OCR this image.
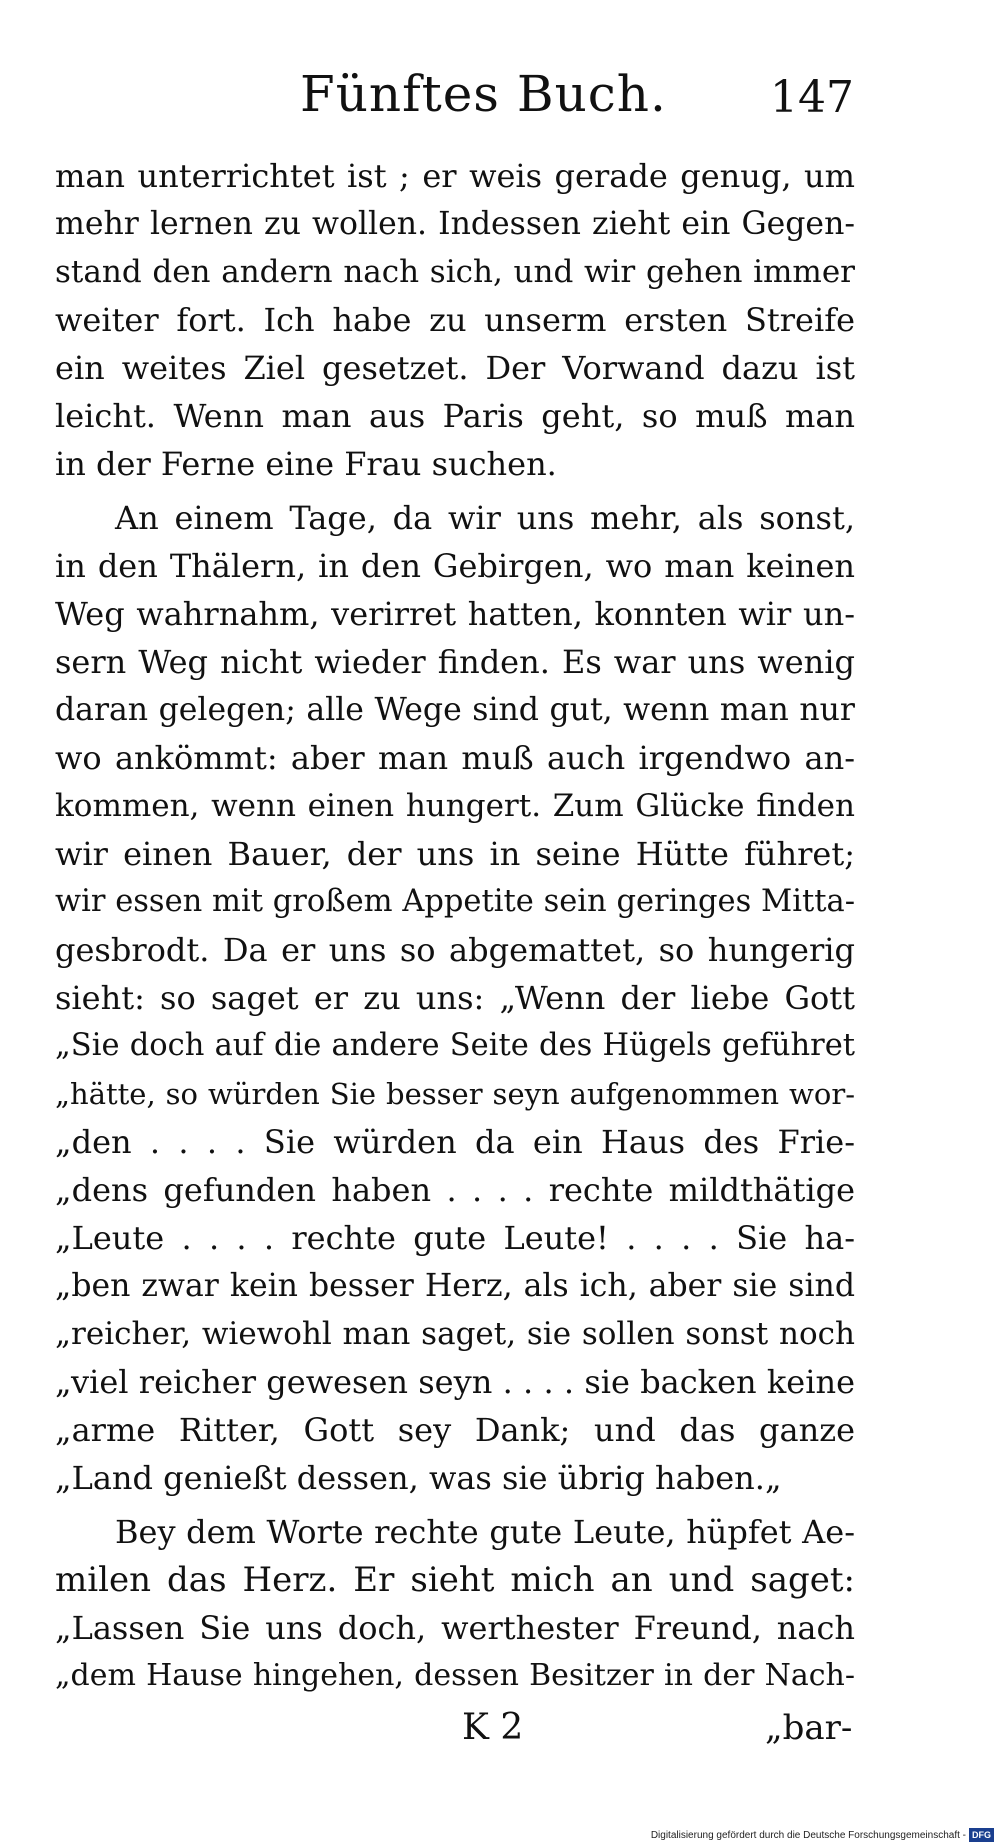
Fünftes Buch. 147
man unterrichtet ist ; er weis gerade genug, um
mehr lernen zu wollen. Indessen zieht ein Gegen-
stand den andern nach sich, und wir gehen immer
weiter fort. Ich habe zu unserm ersten Streife
ein weites Ziel gesetzet. Der Vorwand dazu ist
leicht. Wenn man aus Paris geht, so muß man
in der Ferne eine Frau suchen.
An einem Tage, da wir uns mehr, als sonst,
in den Thälern, in den Gebirgen, wo man keinen
Weg wahrnahm, verirret hatten, konnten wir un-
sern Weg nicht wieder finden. Es war uns wenig
daran gelegen; alle Wege sind gut, wenn man nur
wo ankömmt: aber man muß auch irgendwo an-
kommen, wenn einen hungert. Zum Glücke finden
wir einen Bauer, der uns in seine Hütte führet;
wir essen mit großem Appetite sein geringes Mitta-
gesbrodt. Da er uns so abgemattet, so hungerig
sieht: so saget er zu uns: „Wenn der liebe Gott
„Sie doch auf die andere Seite des Hügels geführet
„hätte, so würden Sie besser seyn aufgenommen wor-
„den . . . . Sie würden da ein Haus des Frie-
„dens gefunden haben . . . . rechte mildthätige
„Leute . . . . rechte gute Leute! . . . . Sie ha-
„ben zwar kein besser Herz, als ich, aber sie sind
„reicher, wiewohl man saget, sie sollen sonst noch
„viel reicher gewesen seyn . . . . sie backen keine
„arme Ritter, Gott sey Dank; und das ganze
„Land genießt dessen, was sie übrig haben.„
Bey dem Worte rechte gute Leute, hüpfet Ae-
milen das Herz. Er sieht mich an und saget:
„Lassen Sie uns doch, werthester Freund, nach
„dem Hause hingehen, dessen Besitzer in der Nach-
K 2	„bar-
Digitalisierung gefördert durch die Deutsche Forschungsgemeinschaft - DFG
